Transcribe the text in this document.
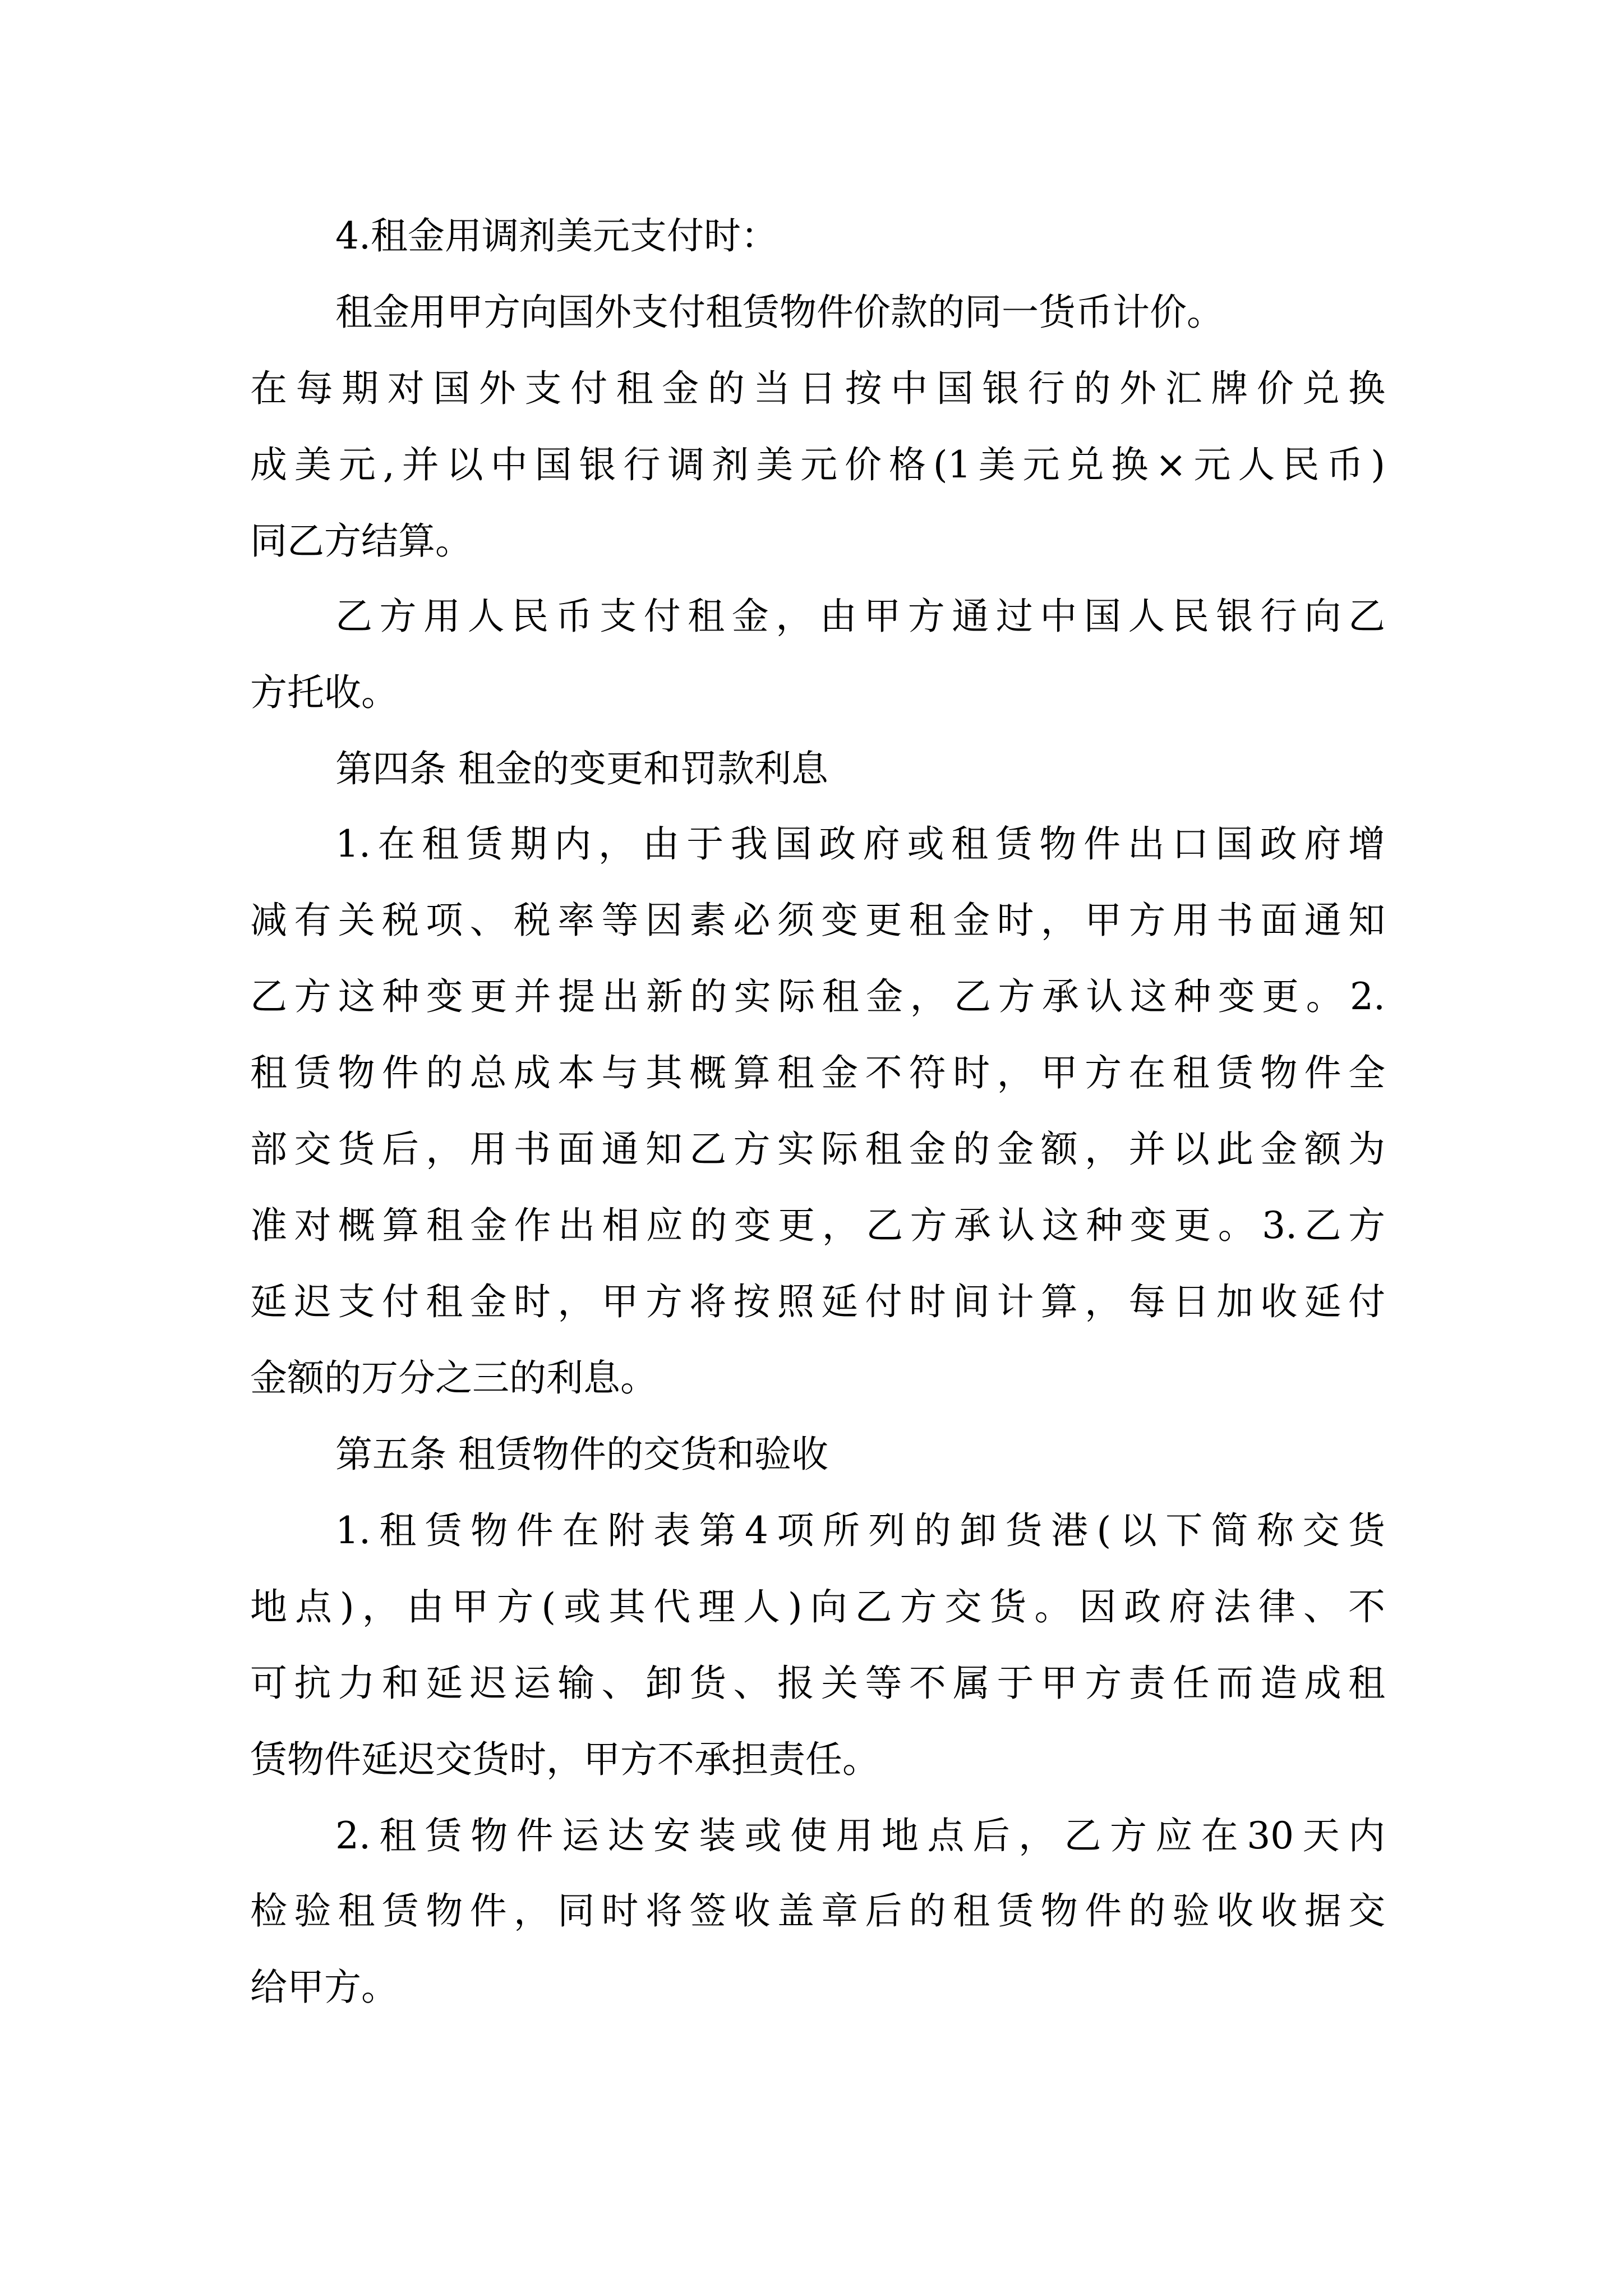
4.租金用调剂美元支付时：

租金用甲方向国外支付租赁物件价款的同一货币计价。

在每期对国外支付租金的当日按中国银行的外汇牌价兑换

成美元,并以中国银行调剂美元价格(1美元兑换×元人民币)

同乙方结算。

乙方用人民币支付租金，由甲方通过中国人民银行向乙

方托收。

第四条 租金的变更和罚款利息

1.在租赁期内，由于我国政府或租赁物件出口国政府增

减有关税项、税率等因素必须变更租金时，甲方用书面通知

乙方这种变更并提出新的实际租金，乙方承认这种变更。2.

租赁物件的总成本与其概算租金不符时，甲方在租赁物件全

部交货后，用书面通知乙方实际租金的金额，并以此金额为

准对概算租金作出相应的变更，乙方承认这种变更。3.乙方

延迟支付租金时，甲方将按照延付时间计算，每日加收延付

金额的万分之三的利息。

第五条 租赁物件的交货和验收

1.租赁物件在附表第4项所列的卸货港(以下简称交货

地点)，由甲方(或其代理人)向乙方交货。因政府法律、不

可抗力和延迟运输、卸货、报关等不属于甲方责任而造成租

赁物件延迟交货时，甲方不承担责任。

2.租赁物件运达安装或使用地点后，乙方应在30天内

检验租赁物件，同时将签收盖章后的租赁物件的验收收据交

给甲方。
